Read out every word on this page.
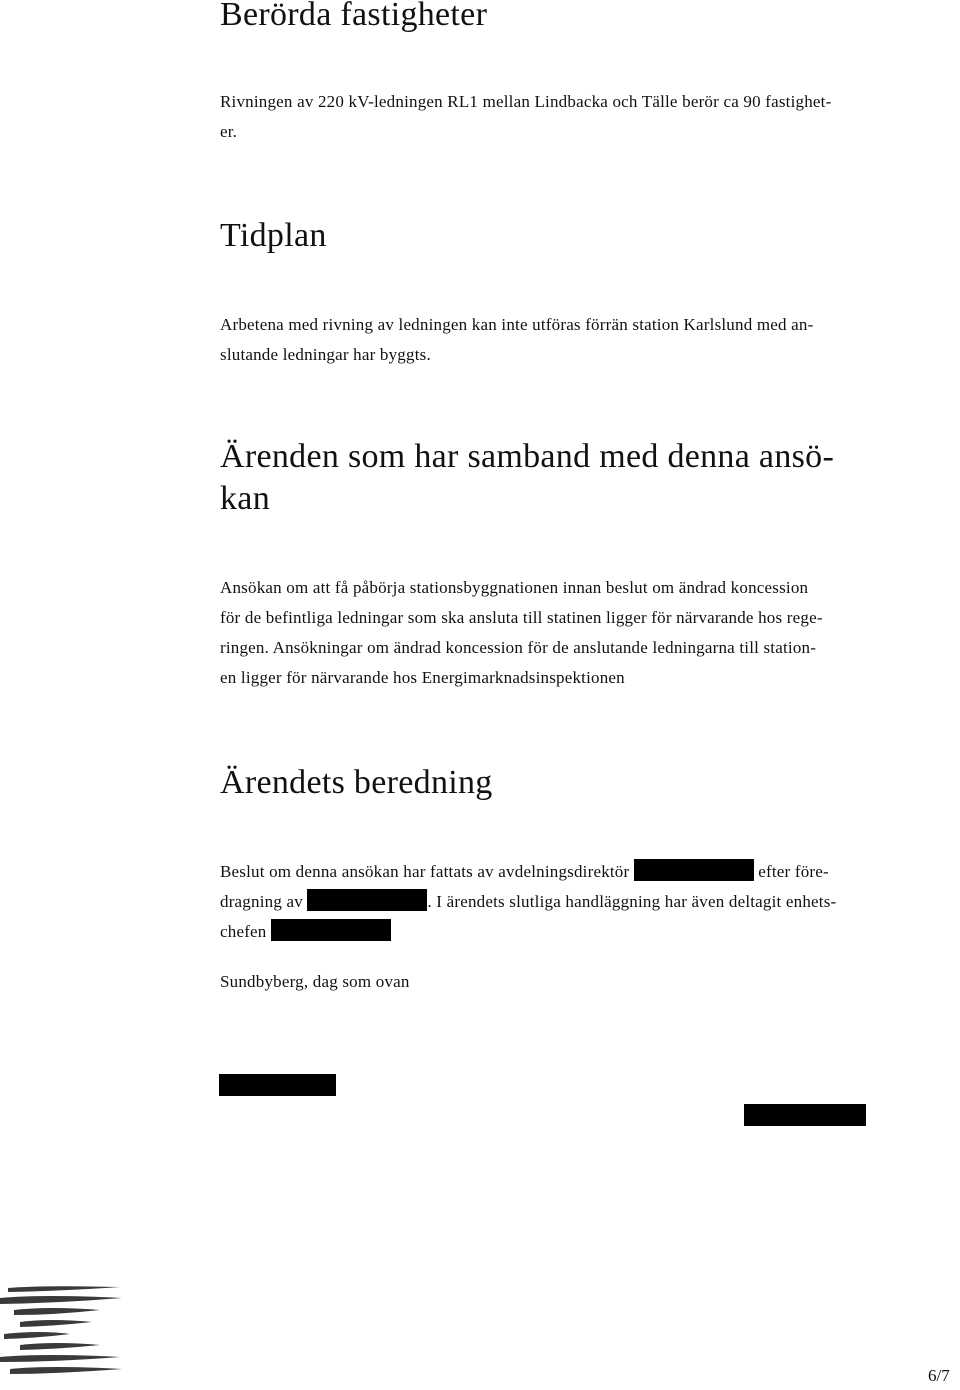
Berörda fastigheter
Rivningen av 220 kV-ledningen RL1 mellan Lindbacka och Tälle berör ca 90 fastighet-
er.
Tidplan
Arbetena med rivning av ledningen kan inte utföras förrän station Karlslund med an-
slutande ledningar har byggts.
Ärenden som har samband med denna ansö-
kan
Ansökan om att få påbörja stationsbyggnationen innan beslut om ändrad koncession
för de befintliga ledningar som ska ansluta till statinen ligger för närvarande hos rege-
ringen. Ansökningar om ändrad koncession för de anslutande ledningarna till station-
en ligger för närvarande hos Energimarknadsinspektionen
Ärendets beredning
Beslut om denna ansökan har fattats av avdelningsdirektör	efter före-
dragning av	. I ärendets slutliga handläggning har även deltagit enhets-
chefen
Sundbyberg, dag som ovan
6/7
